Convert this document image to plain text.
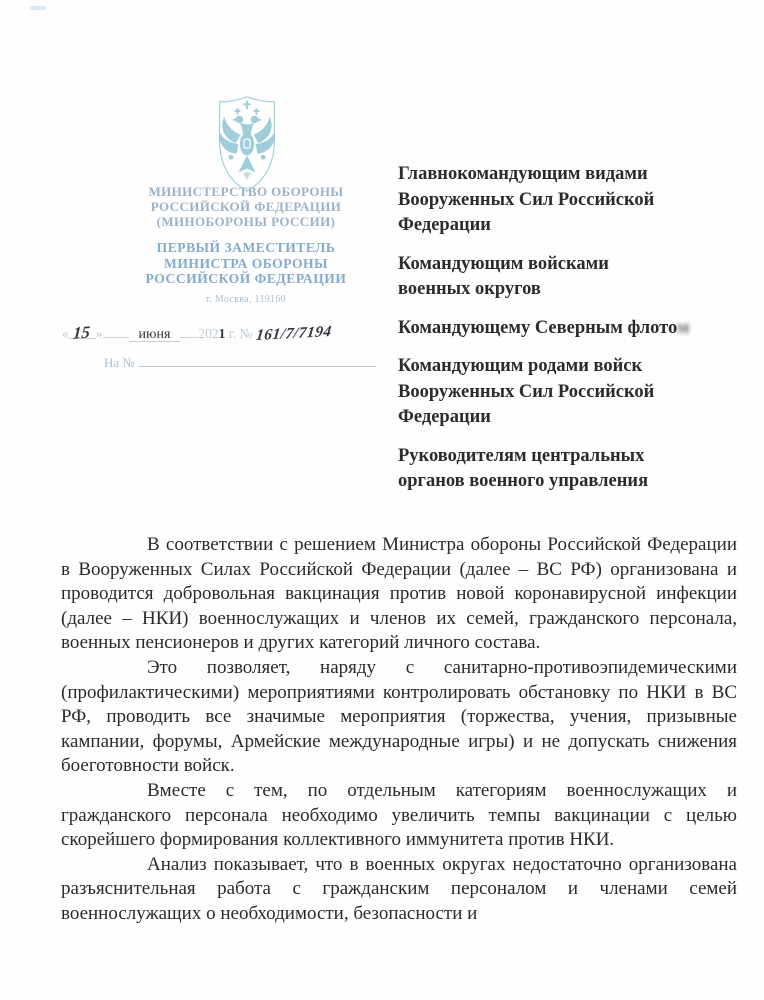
МИНИСТЕРСТВО ОБОРОНЫ
РОССИЙСКОЙ ФЕДЕРАЦИИ
(МИНОБОРОНЫ РОССИИ)
ПЕРВЫЙ ЗАМЕСТИТЕЛЬ
МИНИСТРА ОБОРОНЫ
РОССИЙСКОЙ ФЕДЕРАЦИИ
г. Москва, 119160
« 15 »	июня 2021 г. № 161/7/7194
На №
Главнокомандующим видами
Вооруженных Сил Российской
Федерации
Командующим войсками
военных округов
Командующему Северным флотом
Командующим родами войск
Вооруженных Сил Российской
Федерации
Руководителям центральных
органов военного управления

В соответствии с решением Министра обороны Российской Федерации в Вооруженных Силах Российской Федерации (далее – ВС РФ) организована и проводится добровольная вакцинация против новой коронавирусной инфекции (далее – НКИ) военнослужащих и членов их семей, гражданского персонала, военных пенсионеров и других категорий личного состава.

Это позволяет, наряду с санитарно-противоэпидемическими (профилактическими) мероприятиями контролировать обстановку по НКИ в ВС РФ, проводить все значимые мероприятия (торжества, учения, призывные кампании, форумы, Армейские международные игры) и не допускать снижения боеготовности войск.

Вместе с тем, по отдельным категориям военнослужащих и гражданского персонала необходимо увеличить темпы вакцинации с целью скорейшего формирования коллективного иммунитета против НКИ.

Анализ показывает, что в военных округах недостаточно организована разъяснительная работа с гражданским персоналом и членами семей военнослужащих о необходимости, безопасности и
